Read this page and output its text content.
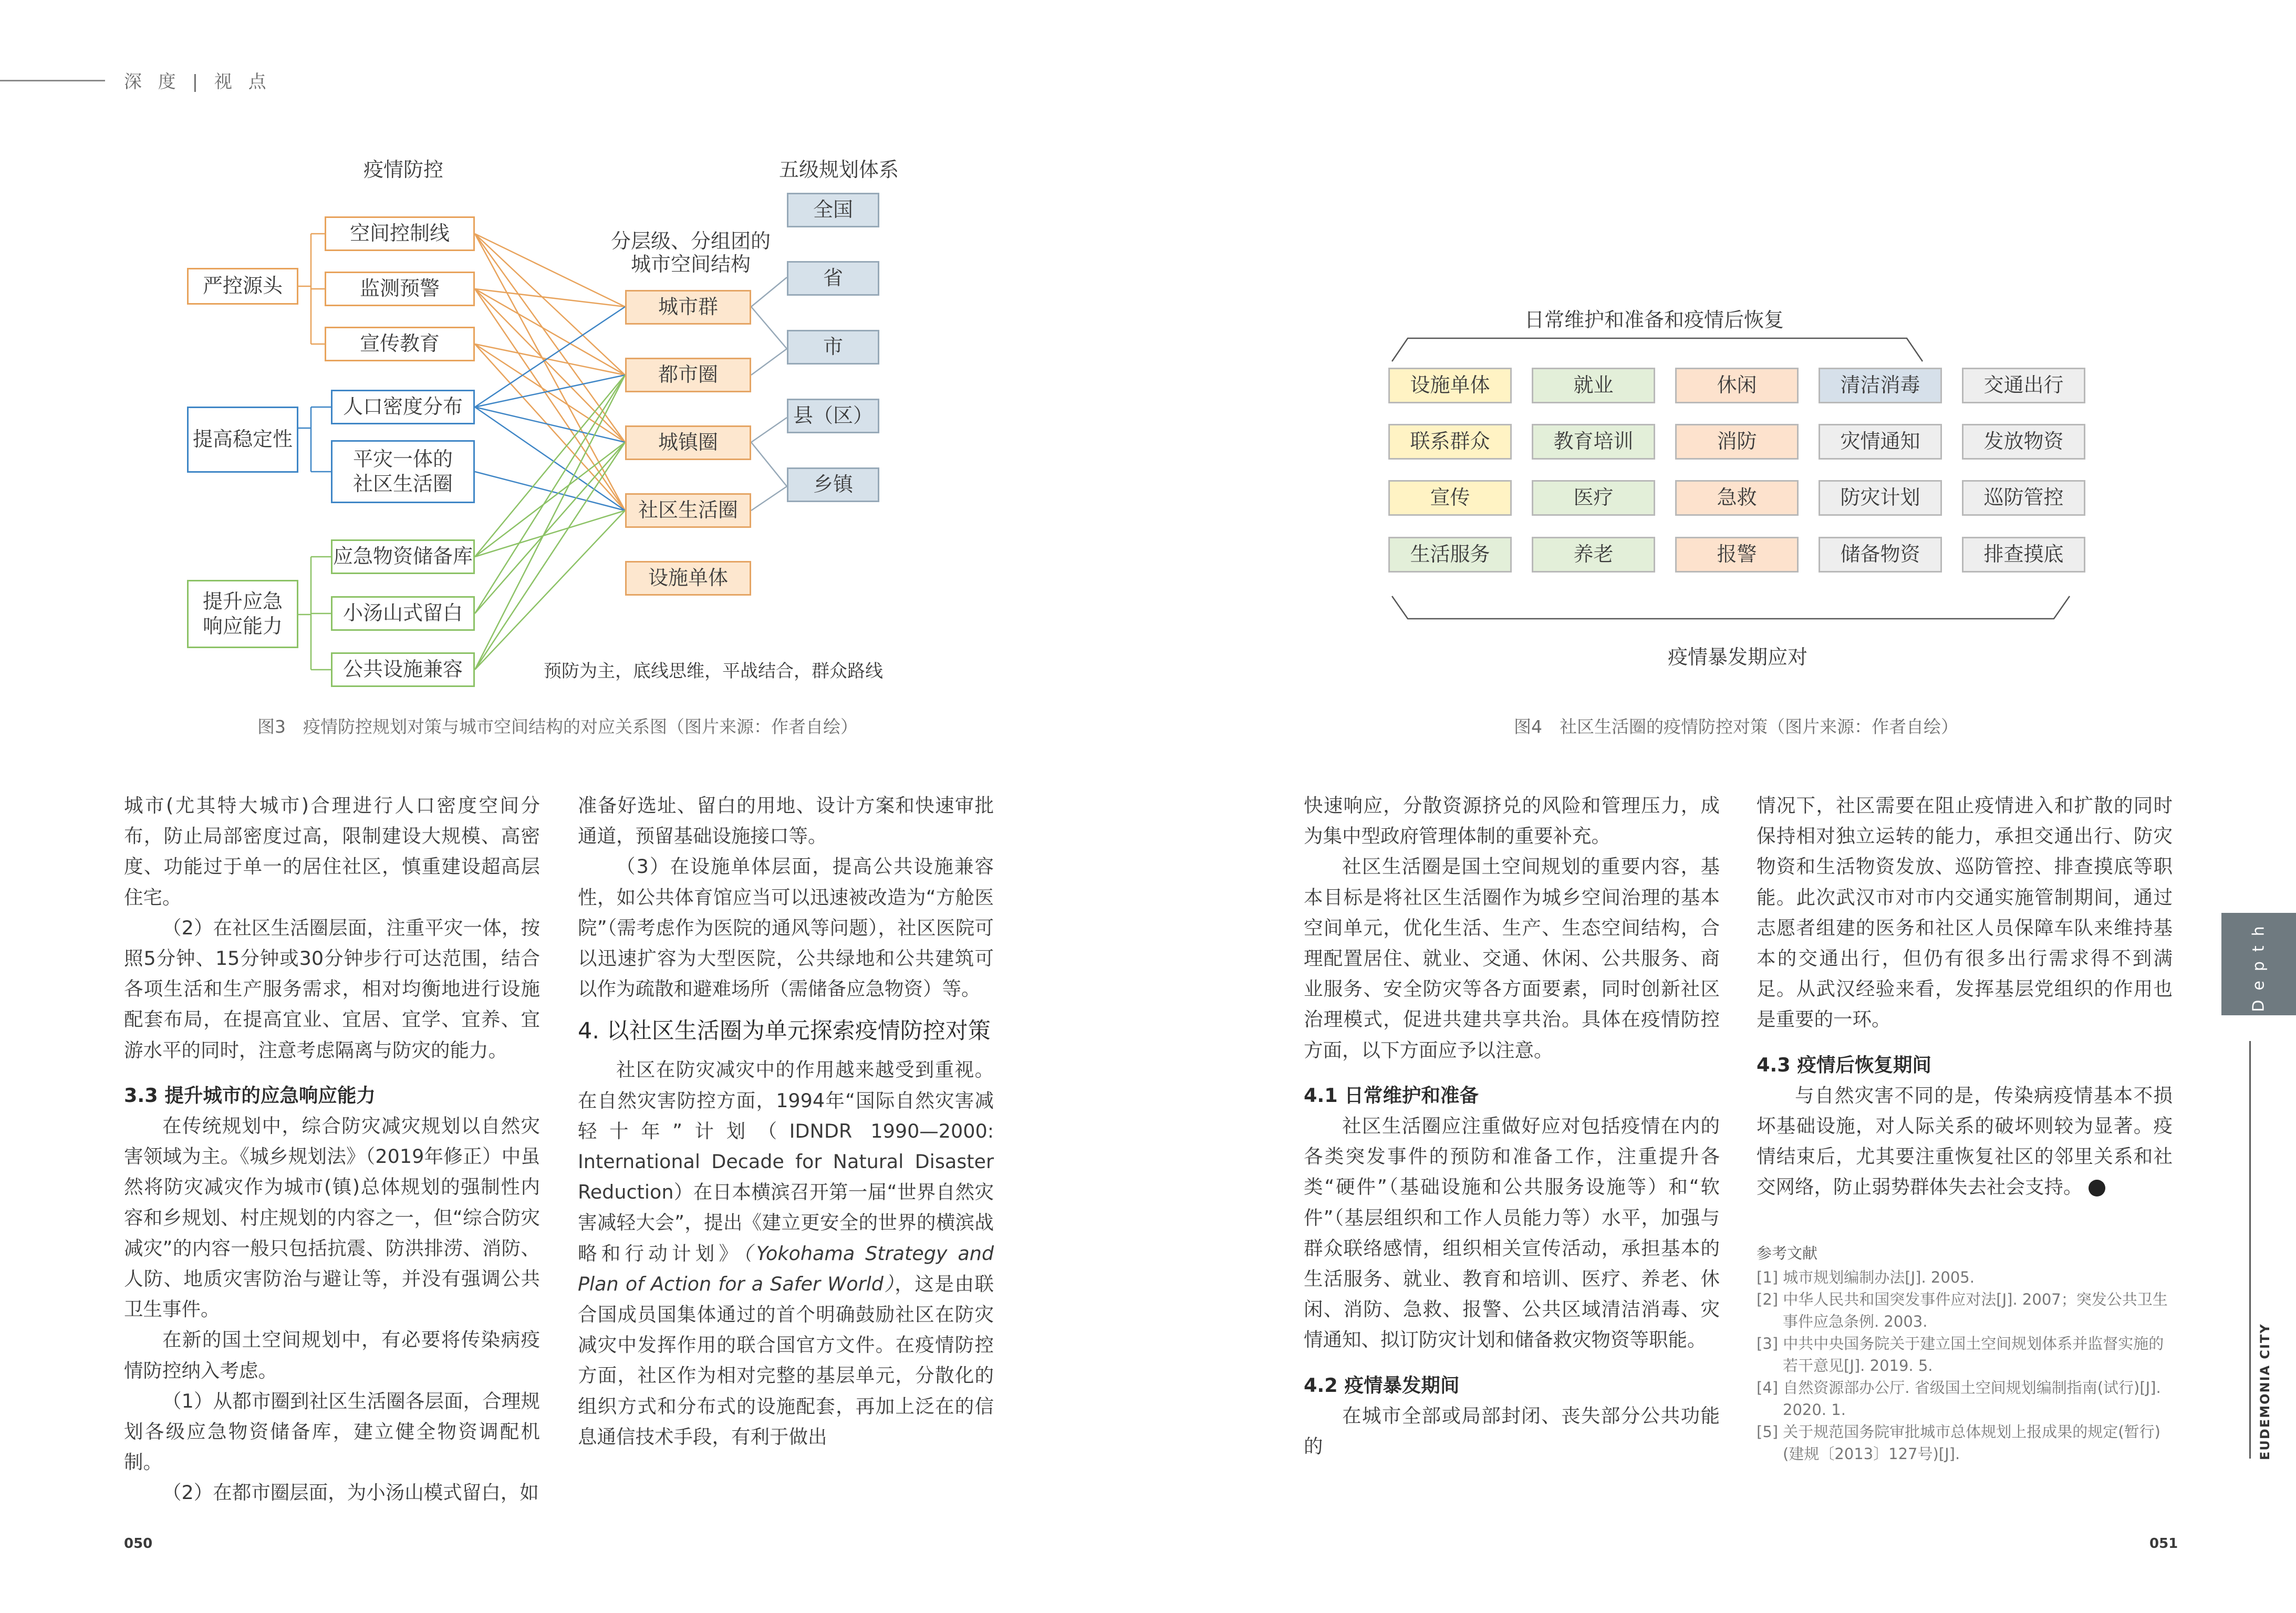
深 度 | 视 点
疫情防控	五级规划体系
分层级、分组团的
城市空间结构
严控源头
提高稳定性
提升应急
响应能力
空间控制线
监测预警
宣传教育
人口密度分布
平灾一体的
社区生活圈
应急物资储备库
小汤山式留白
公共设施兼容
城市群
都市圈
城镇圈
社区生活圈
设施单体
全国
省
市
县（区）
乡镇
预防为主，底线思维，平战结合，群众路线
图3　疫情防控规划对策与城市空间结构的对应关系图（图片来源：作者自绘）
日常维护和准备和疫情后恢复
疫情暴发期应对
设施单体	就业	休闲	清洁消毒	交通出行
联系群众	教育培训	消防	灾情通知	发放物资
宣传	医疗	急救	防灾计划	巡防管控
生活服务	养老	报警	储备物资	排查摸底
图4　社区生活圈的疫情防控对策（图片来源：作者自绘）

城市(尤其特大城市)合理进行人口密度空间分布，防止局部密度过高，限制建设大规模、高密度、功能过于单一的居住社区，慎重建设超高层住宅。

（2）在社区生活圈层面，注重平灾一体，按照5分钟、15分钟或30分钟步行可达范围，结合各项生活和生产服务需求，相对均衡地进行设施配套布局，在提高宜业、宜居、宜学、宜养、宜游水平的同时，注意考虑隔离与防灾的能力。

3.3 提升城市的应急响应能力

在传统规划中，综合防灾减灾规划以自然灾害领域为主。《城乡规划法》（2019年修正）中虽然将防灾减灾作为城市(镇)总体规划的强制性内容和乡规划、村庄规划的内容之一，但“综合防灾减灾”的内容一般只包括抗震、防洪排涝、消防、人防、地质灾害防治与避让等，并没有强调公共卫生事件。

在新的国土空间规划中，有必要将传染病疫情防控纳入考虑。

（1）从都市圈到社区生活圈各层面，合理规划各级应急物资储备库，建立健全物资调配机制。

（2）在都市圈层面，为小汤山模式留白，如

准备好选址、留白的用地、设计方案和快速审批通道，预留基础设施接口等。

（3）在设施单体层面，提高公共设施兼容性，如公共体育馆应当可以迅速被改造为“方舱医院”（需考虑作为医院的通风等问题），社区医院可以迅速扩容为大型医院，公共绿地和公共建筑可以作为疏散和避难场所（需储备应急物资）等。

4. 以社区生活圈为单元探索疫情防控对策

社区在防灾减灾中的作用越来越受到重视。在自然灾害防控方面，1994年“国际自然灾害减轻十年”计划（IDNDR 1990—2000: International Decade for Natural Disaster Reduction）在日本横滨召开第一届“世界自然灾害减轻大会”，提出《建立更安全的世界的横滨战略和行动计划》（Yokohama Strategy and Plan of Action for a Safer World），这是由联合国成员国集体通过的首个明确鼓励社区在防灾减灾中发挥作用的联合国官方文件。在疫情防控方面，社区作为相对完整的基层单元，分散化的组织方式和分布式的设施配套，再加上泛在的信息通信技术手段，有利于做出

快速响应，分散资源挤兑的风险和管理压力，成为集中型政府管理体制的重要补充。

社区生活圈是国土空间规划的重要内容，基本目标是将社区生活圈作为城乡空间治理的基本空间单元，优化生活、生产、生态空间结构，合理配置居住、就业、交通、休闲、公共服务、商业服务、安全防灾等各方面要素，同时创新社区治理模式，促进共建共享共治。具体在疫情防控方面，以下方面应予以注意。

4.1 日常维护和准备

社区生活圈应注重做好应对包括疫情在内的各类突发事件的预防和准备工作，注重提升各类“硬件”（基础设施和公共服务设施等）和“软件”（基层组织和工作人员能力等）水平，加强与群众联络感情，组织相关宣传活动，承担基本的生活服务、就业、教育和培训、医疗、养老、休闲、消防、急救、报警、公共区域清洁消毒、灾情通知、拟订防灾计划和储备救灾物资等职能。

4.2 疫情暴发期间

在城市全部或局部封闭、丧失部分公共功能的

情况下，社区需要在阻止疫情进入和扩散的同时保持相对独立运转的能力，承担交通出行、防灾物资和生活物资发放、巡防管控、排查摸底等职能。此次武汉市对市内交通实施管制期间，通过志愿者组建的医务和社区人员保障车队来维持基本的交通出行，但仍有很多出行需求得不到满足。从武汉经验来看，发挥基层党组织的作用也是重要的一环。

4.3 疫情后恢复期间

与自然灾害不同的是，传染病疫情基本不损坏基础设施，对人际关系的破坏则较为显著。疫情结束后，尤其要注重恢复社区的邻里关系和社交网络，防止弱势群体失去社会支持。	E

参考文献

[1] 城市规划编制办法[J]. 2005.

[2] 中华人民共和国突发事件应对法[J]. 2007；突发公共卫生事件应急条例. 2003.

[3] 中共中央国务院关于建立国土空间规划体系并监督实施的若干意见[J]. 2019. 5.

[4] 自然资源部办公厅. 省级国土空间规划编制指南(试行)[J]. 2020. 1.

[5] 关于规范国务院审批城市总体规划上报成果的规定(暂行)(建规〔2013〕127号)[J].

050	051
Depth
EUDEMONIA CITY
